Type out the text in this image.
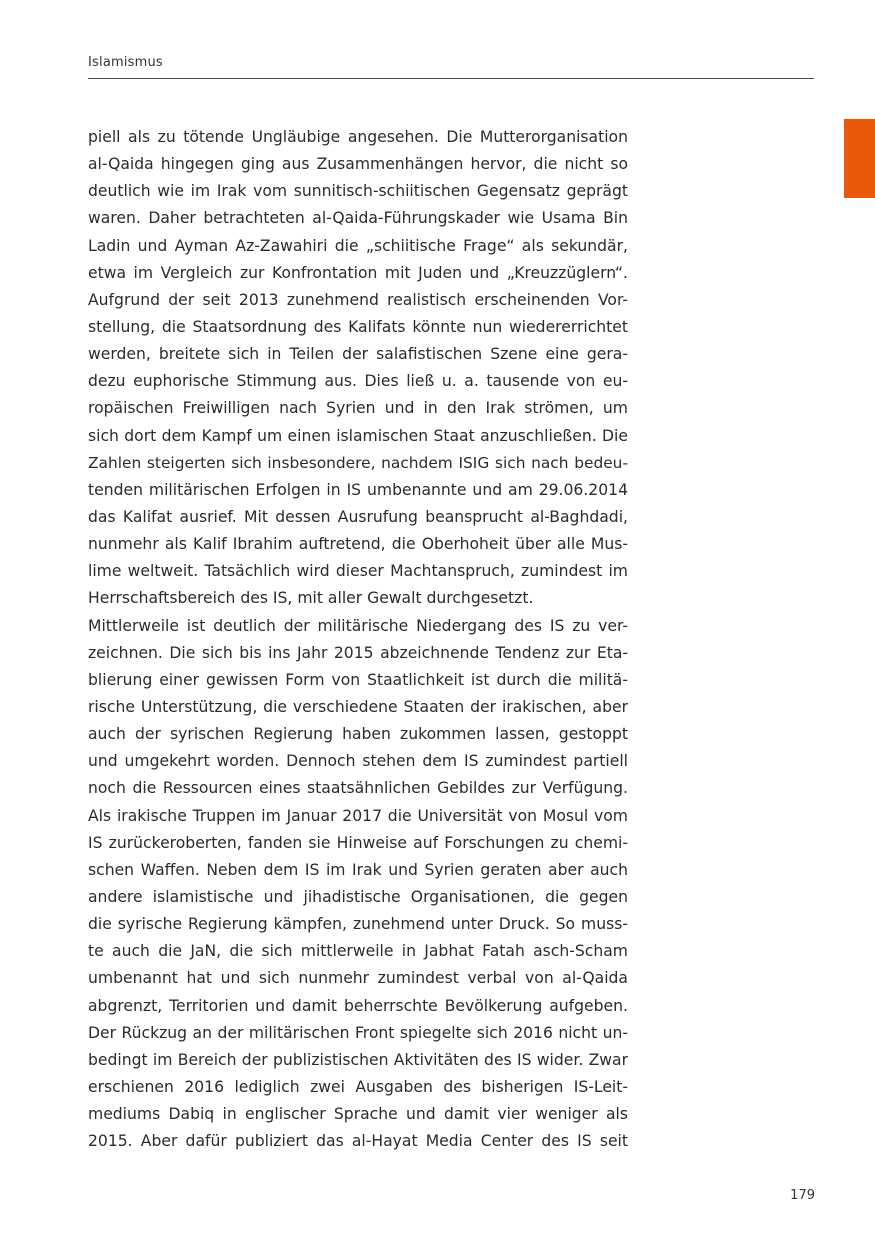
Islamismus
piell als zu tötende Ungläubige angesehen. Die Mutterorganisation
al-Qaida hingegen ging aus Zusammenhängen hervor, die nicht so
deutlich wie im Irak vom sunnitisch-schiitischen Gegensatz geprägt
waren. Daher betrachteten al-Qaida-Führungskader wie Usama Bin
Ladin und Ayman Az-Zawahiri die „schiitische Frage“ als sekundär,
etwa im Vergleich zur Konfrontation mit Juden und „Kreuzzüglern“.
Aufgrund der seit 2013 zunehmend realistisch erscheinenden Vor-
stellung, die Staatsordnung des Kalifats könnte nun wiedererrichtet
werden, breitete sich in Teilen der salafistischen Szene eine gera-
dezu euphorische Stimmung aus. Dies ließ u. a. tausende von eu-
ropäischen Freiwilligen nach Syrien und in den Irak strömen, um
sich dort dem Kampf um einen islamischen Staat anzuschließen. Die
Zahlen steigerten sich insbesondere, nachdem ISIG sich nach bedeu-
tenden militärischen Erfolgen in IS umbenannte und am 29.06.2014
das Kalifat ausrief. Mit dessen Ausrufung beansprucht al-Baghdadi,
nunmehr als Kalif Ibrahim auftretend, die Oberhoheit über alle Mus-
lime weltweit. Tatsächlich wird dieser Machtanspruch, zumindest im
Herrschaftsbereich des IS, mit aller Gewalt durchgesetzt.
Mittlerweile ist deutlich der militärische Niedergang des IS zu ver-
zeichnen. Die sich bis ins Jahr 2015 abzeichnende Tendenz zur Eta-
blierung einer gewissen Form von Staatlichkeit ist durch die militä-
rische Unterstützung, die verschiedene Staaten der irakischen, aber
auch der syrischen Regierung haben zukommen lassen, gestoppt
und umgekehrt worden. Dennoch stehen dem IS zumindest partiell
noch die Ressourcen eines staatsähnlichen Gebildes zur Verfügung.
Als irakische Truppen im Januar 2017 die Universität von Mosul vom
IS zurückeroberten, fanden sie Hinweise auf Forschungen zu chemi-
schen Waffen. Neben dem IS im Irak und Syrien geraten aber auch
andere islamistische und jihadistische Organisationen, die gegen
die syrische Regierung kämpfen, zunehmend unter Druck. So muss-
te auch die JaN, die sich mittlerweile in Jabhat Fatah asch-Scham
umbenannt hat und sich nunmehr zumindest verbal von al-Qaida
abgrenzt, Territorien und damit beherrschte Bevölkerung aufgeben.
Der Rückzug an der militärischen Front spiegelte sich 2016 nicht un-
bedingt im Bereich der publizistischen Aktivitäten des IS wider. Zwar
erschienen 2016 lediglich zwei Ausgaben des bisherigen IS-Leit-
mediums Dabiq in englischer Sprache und damit vier weniger als
2015. Aber dafür publiziert das al-Hayat Media Center des IS seit
179
